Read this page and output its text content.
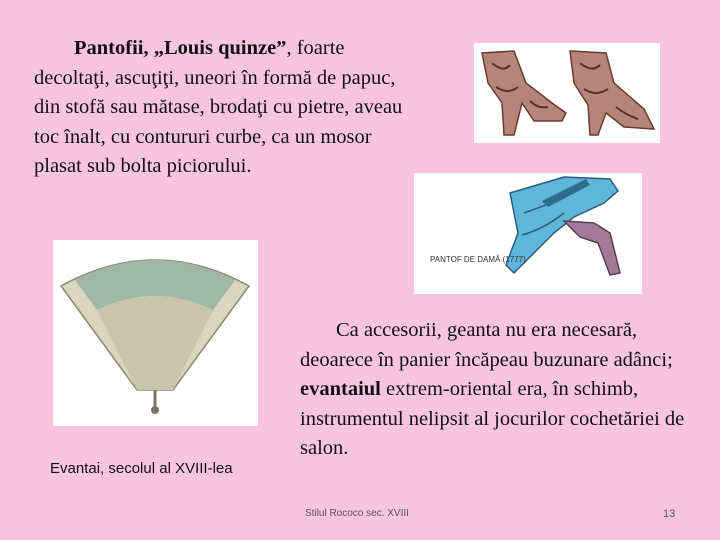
Pantofii, „Louis quinze”, foarte decoltaţi, ascuţiţi, uneori în formă de papuc, din stofă sau mătase, brodaţi cu pietre, aveau toc înalt, cu contururi curbe, ca un mosor plasat sub bolta piciorului.

PANTOF DE DAMĂ (1777)
Evantai, secolul al XVIII-lea

Ca accesorii, geanta nu era necesară, deoarece în panier încăpeau buzunare adânci; evantaiul extrem-oriental era, în schimb, instrumentul nelipsit al jocurilor cochetăriei de salon.

Stilul Rococo sec. XVIII	13
